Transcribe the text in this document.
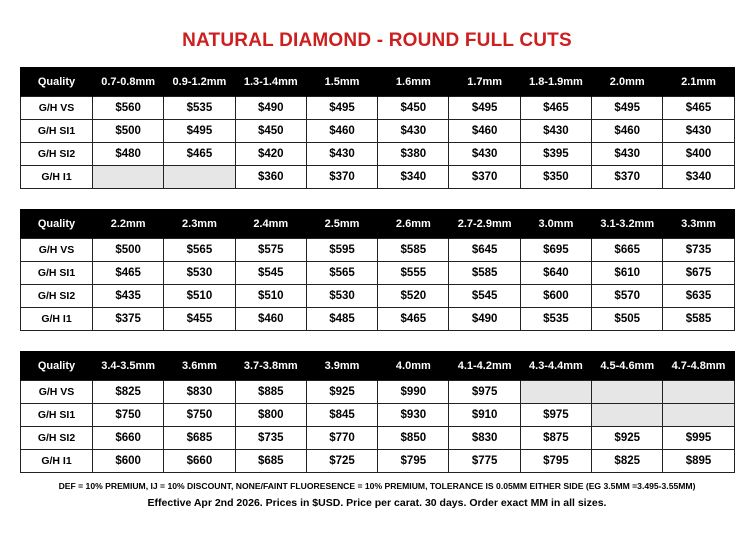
NATURAL DIAMOND - ROUND FULL CUTS
Quality	0.7-0.8mm	0.9-1.2mm	1.3-1.4mm	1.5mm	1.6mm	1.7mm	1.8-1.9mm	2.0mm	2.1mm
G/H VS	$560	$535	$490	$495	$450	$495	$465	$495	$465
G/H SI1	$500	$495	$450	$460	$430	$460	$430	$460	$430
G/H SI2	$480	$465	$420	$430	$380	$430	$395	$430	$400
G/H I1			$360	$370	$340	$370	$350	$370	$340
Quality	2.2mm	2.3mm	2.4mm	2.5mm	2.6mm	2.7-2.9mm	3.0mm	3.1-3.2mm	3.3mm
G/H VS	$500	$565	$575	$595	$585	$645	$695	$665	$735
G/H SI1	$465	$530	$545	$565	$555	$585	$640	$610	$675
G/H SI2	$435	$510	$510	$530	$520	$545	$600	$570	$635
G/H I1	$375	$455	$460	$485	$465	$490	$535	$505	$585
Quality	3.4-3.5mm	3.6mm	3.7-3.8mm	3.9mm	4.0mm	4.1-4.2mm	4.3-4.4mm	4.5-4.6mm	4.7-4.8mm
G/H VS	$825	$830	$885	$925	$990	$975			
G/H SI1	$750	$750	$800	$845	$930	$910	$975		
G/H SI2	$660	$685	$735	$770	$850	$830	$875	$925	$995
G/H I1	$600	$660	$685	$725	$795	$775	$795	$825	$895
DEF = 10% PREMIUM, IJ = 10% DISCOUNT, NONE/FAINT FLUORESENCE = 10% PREMIUM, TOLERANCE IS 0.05MM EITHER SIDE (EG 3.5MM =3.495-3.55MM)
Effective Apr 2nd 2026. Prices in $USD. Price per carat. 30 days. Order exact MM in all sizes.
